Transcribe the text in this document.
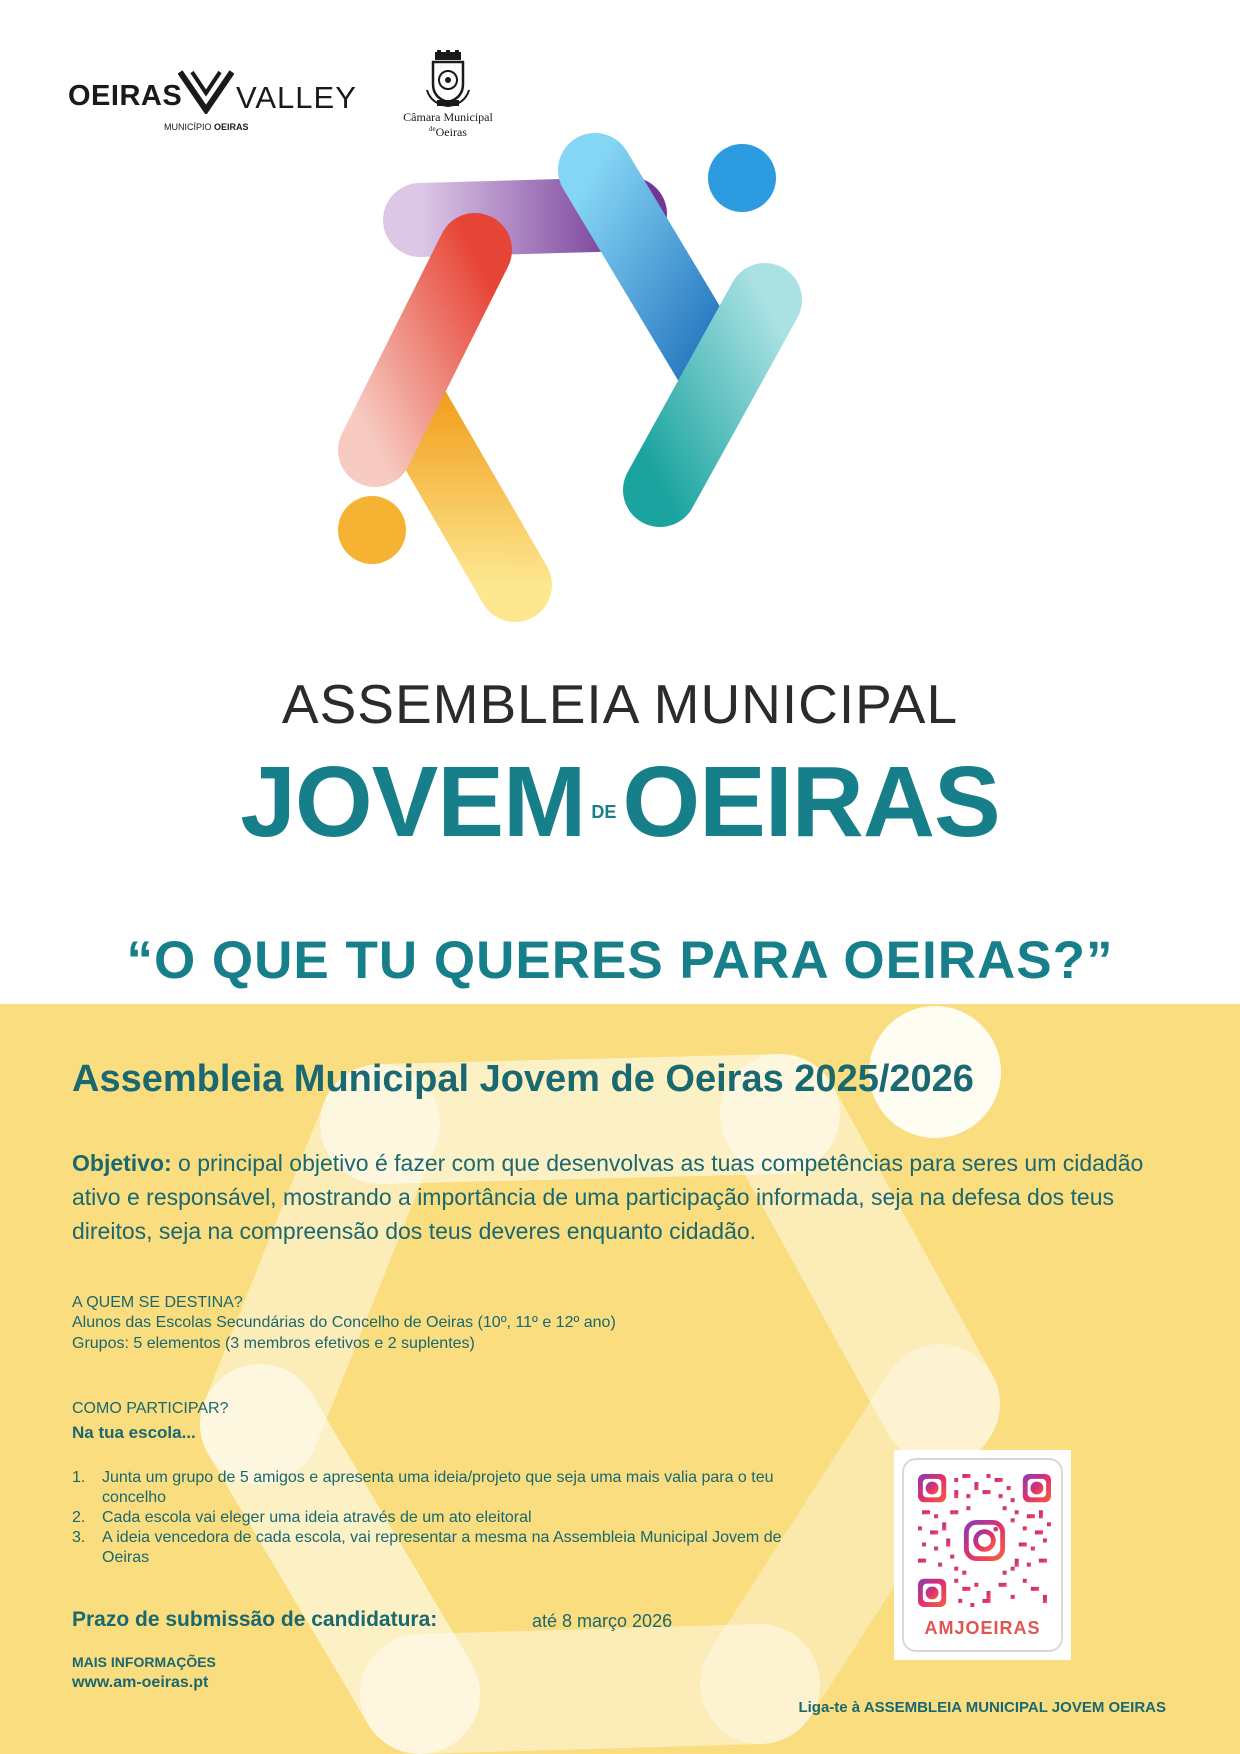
OEIRAS VALLEY
MUNICÍPIO OEIRAS
Câmara Municipal
$^{de}$Oeiras
ASSEMBLEIA MUNICIPAL
JOVEM DEOEIRAS
“O QUE TU QUERES PARA OEIRAS?”
Assembleia Municipal Jovem de Oeiras 2025/2026
Objetivo: o principal objetivo é fazer com que desenvolvas as tuas competências para seres um cidadão ativo e responsável, mostrando a importância de uma participação informada, seja na defesa dos teus direitos, seja na compreensão dos teus deveres enquanto cidadão.
A QUEM SE DESTINA?
Alunos das Escolas Secundárias do Concelho de Oeiras (10º, 11º e 12º ano)
Grupos: 5 elementos (3 membros efetivos e 2 suplentes)
COMO PARTICIPAR?
Na tua escola...
1. Junta um grupo de 5 amigos e apresenta uma ideia/projeto que seja uma mais valia para o teu concelho
2. Cada escola vai eleger uma ideia através de um ato eleitoral
3. A ideia vencedora de cada escola, vai representar a mesma na Assembleia Municipal Jovem de Oeiras
Prazo de submissão de candidatura:	até 8 março 2026
MAIS INFORMAÇÕES
www.am-oeiras.pt
AMJOEIRAS
Liga-te à ASSEMBLEIA MUNICIPAL JOVEM OEIRAS
